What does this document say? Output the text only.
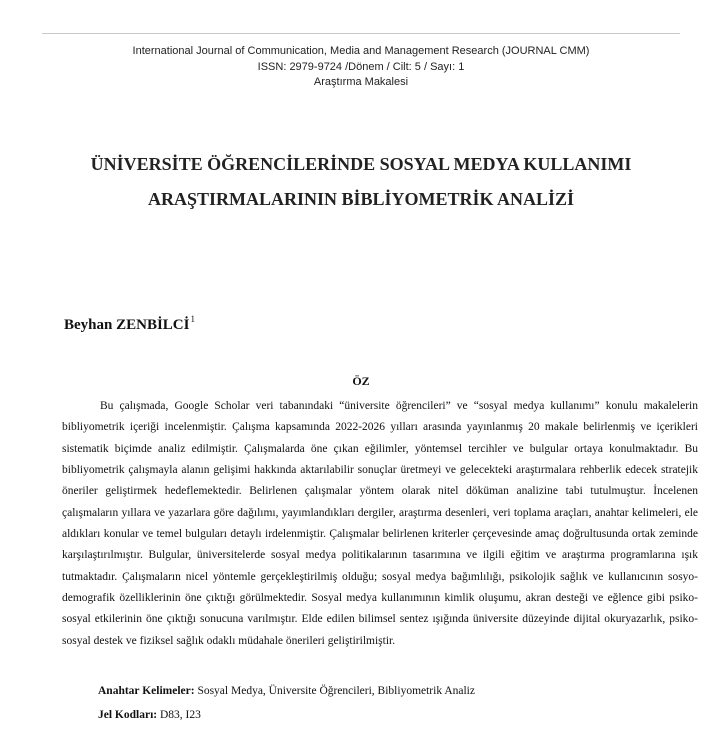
International Journal of Communication, Media and Management Research (JOURNAL CMM)
ISSN: 2979-9724 /Dönem / Cilt: 5 / Sayı: 1
Araştırma Makalesi
ÜNİVERSİTE ÖĞRENCİLERİNDE SOSYAL MEDYA KULLANIMI
ARAŞTIRMALARININ BİBLİYOMETRİK ANALİZİ
Beyhan ZENBİLCİ$^1$
ÖZ

Bu çalışmada, Google Scholar veri tabanındaki “üniversite öğrencileri” ve “sosyal medya kullanımı” konulu makalelerin bibliyometrik içeriği incelenmiştir. Çalışma kapsamında 2022-2026 yılları arasında yayınlanmış 20 makale belirlenmiş ve içerikleri sistematik biçimde analiz edilmiştir. Çalışmalarda öne çıkan eğilimler, yöntemsel tercihler ve bulgular ortaya konulmaktadır. Bu bibliyometrik çalışmayla alanın gelişimi hakkında aktarılabilir sonuçlar üretmeyi ve gelecekteki araştırmalara rehberlik edecek stratejik öneriler geliştirmek hedeflemektedir. Belirlenen çalışmalar yöntem olarak nitel döküman analizine tabi tutulmuştur. İncelenen çalışmaların yıllara ve yazarlara göre dağılımı, yayımlandıkları dergiler, araştırma desenleri, veri toplama araçları, anahtar kelimeleri, ele aldıkları konular ve temel bulguları detaylı irdelenmiştir. Çalışmalar belirlenen kriterler çerçevesinde amaç doğrultusunda ortak zeminde karşılaştırılmıştır. Bulgular, üniversitelerde sosyal medya politikalarının tasarımına ve ilgili eğitim ve araştırma programlarına ışık tutmaktadır. Çalışmaların nicel yöntemle gerçekleştirilmiş olduğu; sosyal medya bağımlılığı, psikolojik sağlık ve kullanıcının sosyo-demografik özelliklerinin öne çıktığı görülmektedir. Sosyal medya kullanımının kimlik oluşumu, akran desteği ve eğlence gibi psiko-sosyal etkilerinin öne çıktığı sonucuna varılmıştır. Elde edilen bilimsel sentez ışığında üniversite düzeyinde dijital okuryazarlık, psiko-sosyal destek ve fiziksel sağlık odaklı müdahale önerileri geliştirilmiştir.

Anahtar Kelimeler: Sosyal Medya, Üniversite Öğrencileri, Bibliyometrik Analiz
Jel Kodları: D83, I23
